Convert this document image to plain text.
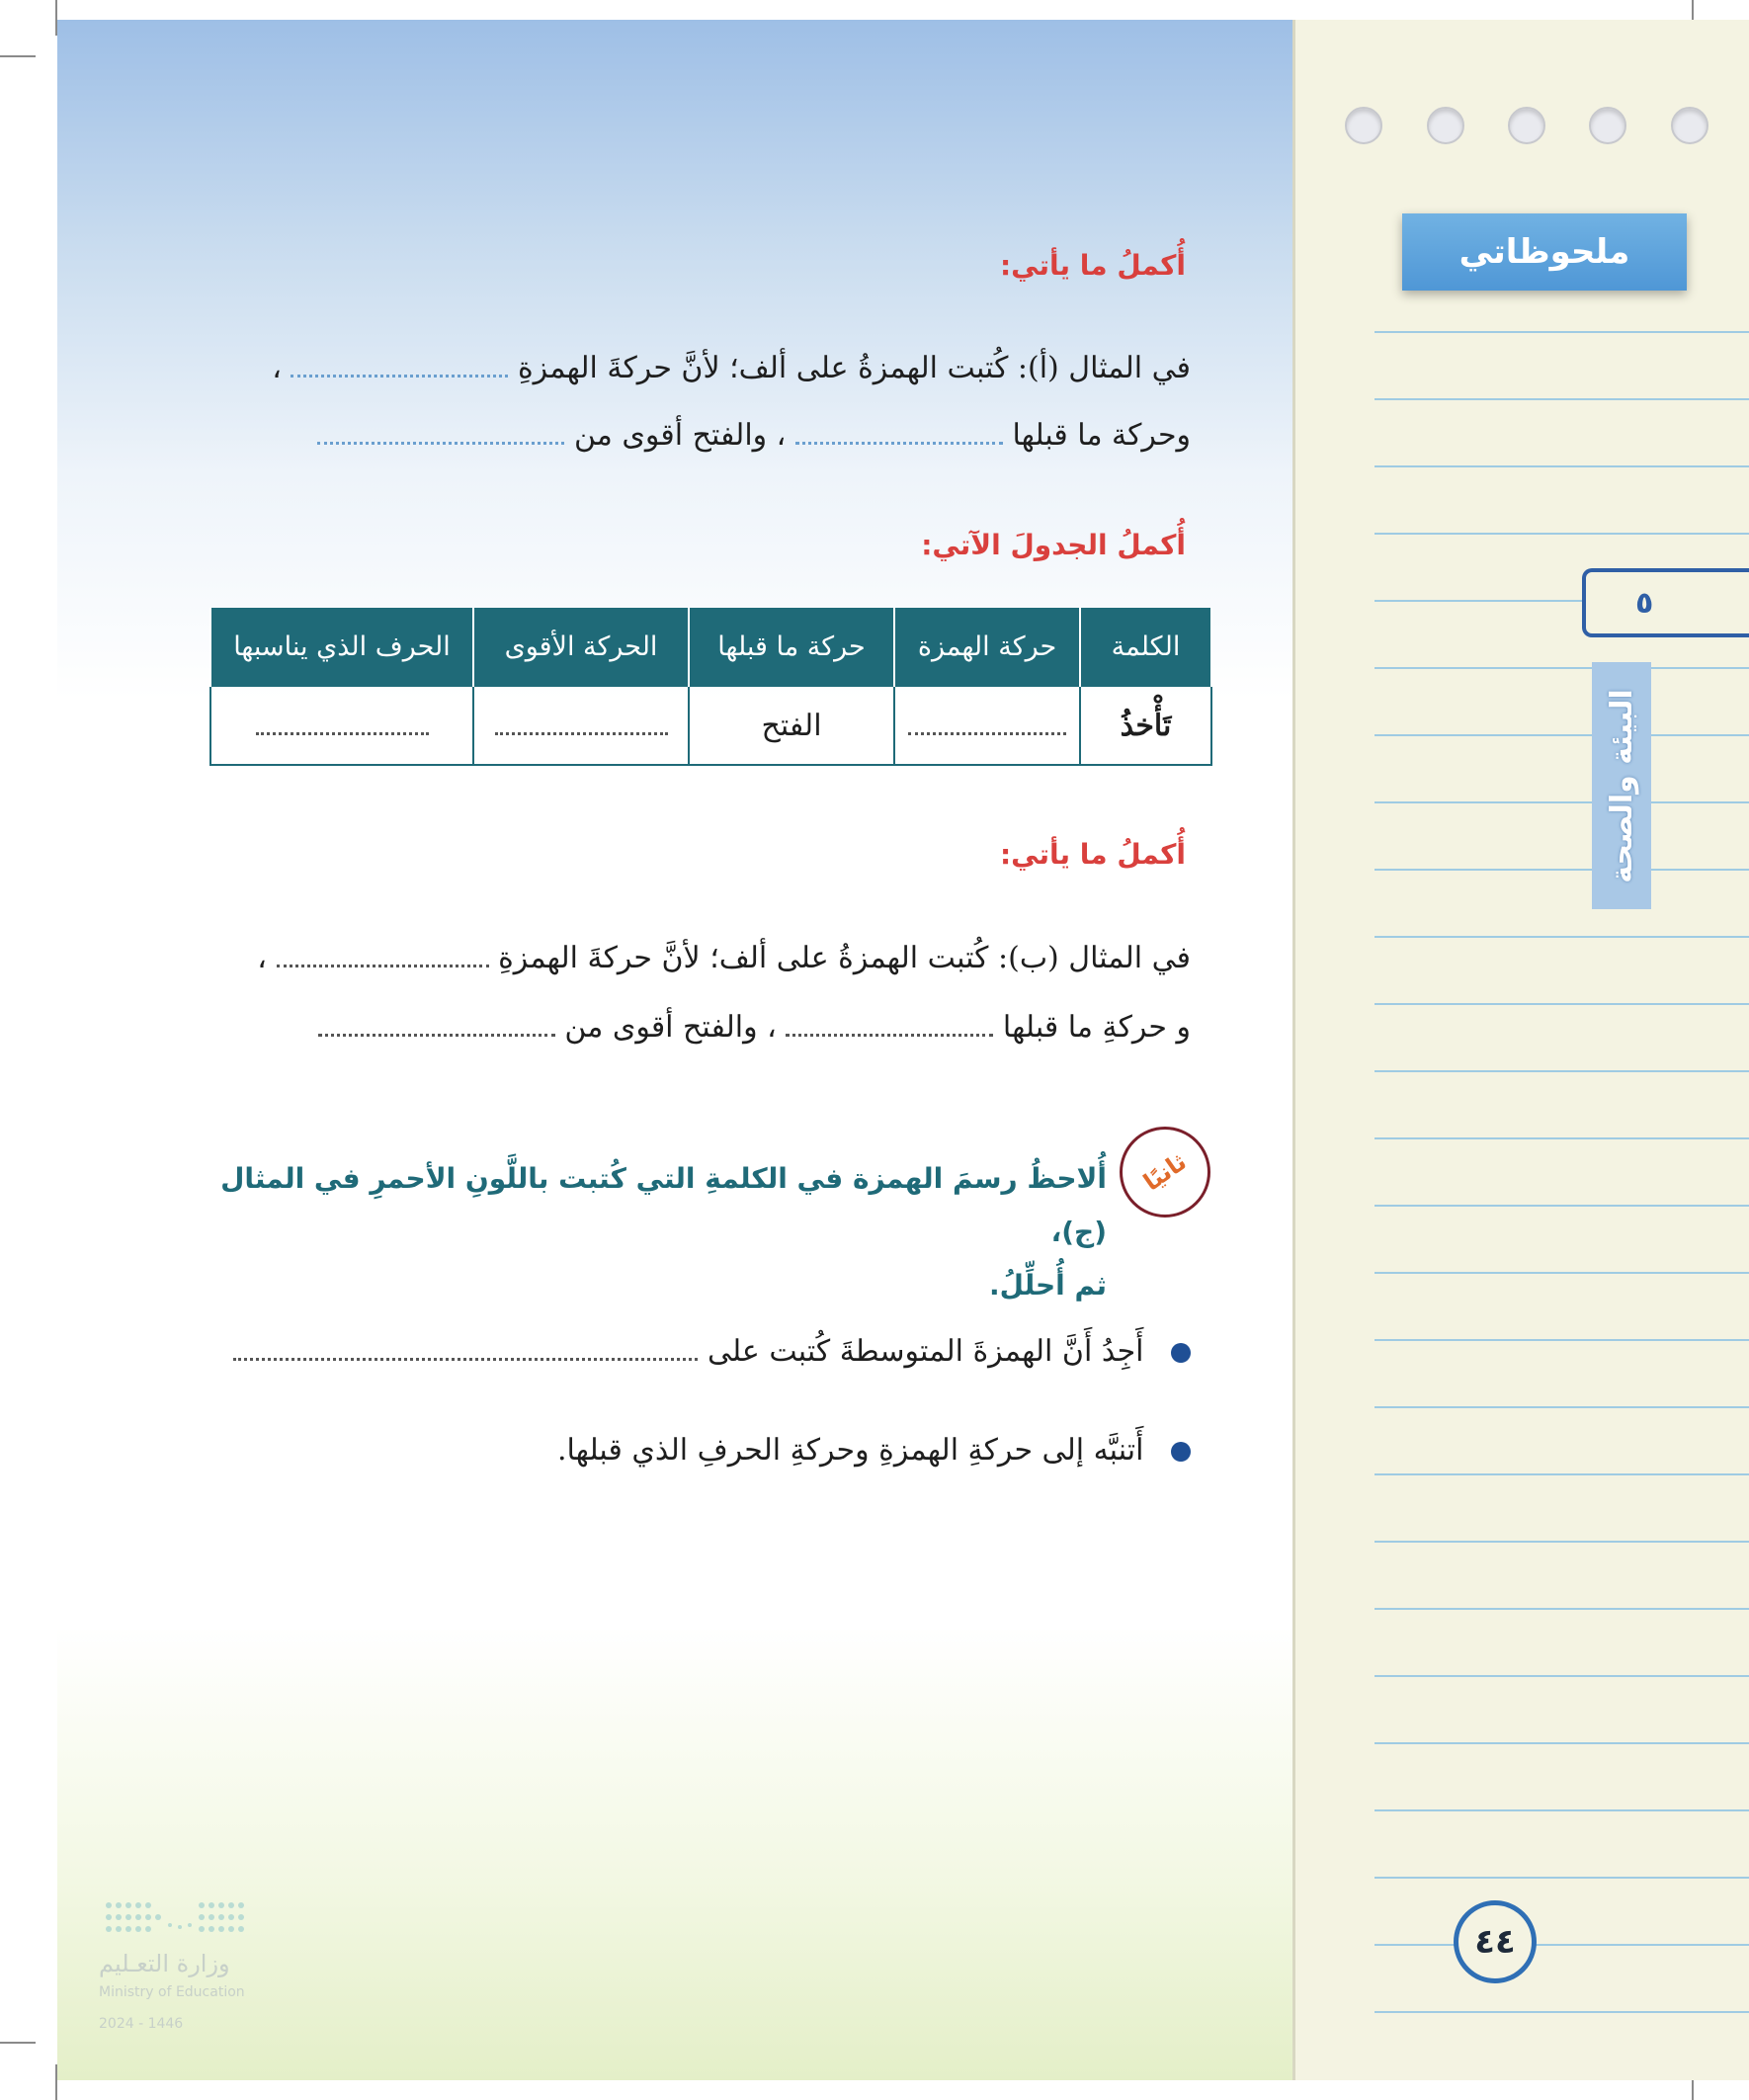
ملحوظاتي
٥
البيئة والصحة
٤٤
أُكملُ ما يأتي:
في المثال (أ): كُتبت الهمزةُ على ألف؛ لأنَّ حركةَ الهمزةِ  ،
وحركة ما قبلها  ، والفتح أقوى من
أُكملُ الجدولَ الآتي:
الكلمة	حركة الهمزة	حركة ما قبلها	الحركة الأقوى	الحرف الذي يناسبها
تَأْخذُ		الفتح		
أُكملُ ما يأتي:
في المثال (ب): كُتبت الهمزةُ على ألف؛ لأنَّ حركةَ الهمزةِ  ،
و حركةِ ما قبلها  ، والفتح أقوى من
ثانيًا
أُلاحظُ رسمَ الهمزة في الكلمةِ التي كُتبت باللَّونِ الأحمرِ في المثال (ج)،
ثم أُحلِّلُ.
أَجِدُ أَنَّ الهمزةَ المتوسطةَ كُتبت على
أَتنبَّه إلى حركةِ الهمزةِ وحركةِ الحرفِ الذي قبلها.
وزارة التعـليم
Ministry of Education
2024 - 1446
